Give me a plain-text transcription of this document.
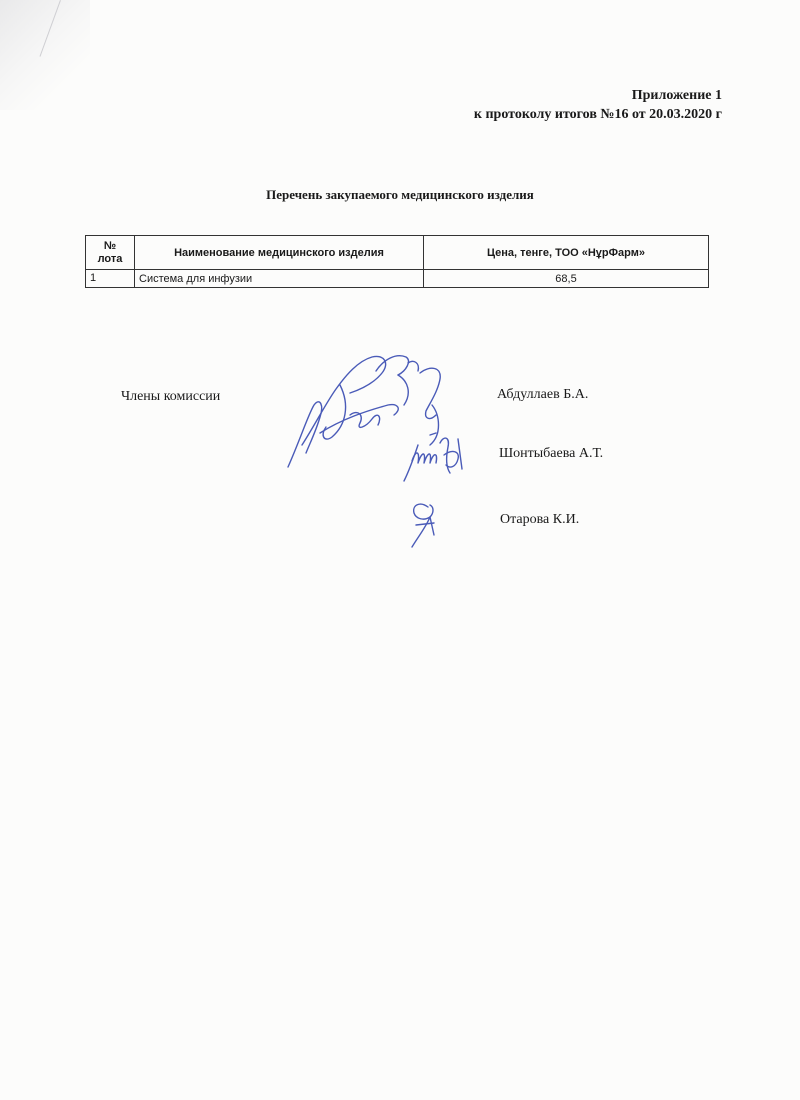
Приложение 1
к протоколу итогов №16 от 20.03.2020 г
Перечень закупаемого медицинского изделия
№ лота	Наименование медицинского изделия	Цена, тенге, ТОО «НұрФарм»
1	Система для инфузии	68,5
Члены комиссии	Абдуллаев Б.А.
Шонтыбаева А.Т.
Отарова К.И.
